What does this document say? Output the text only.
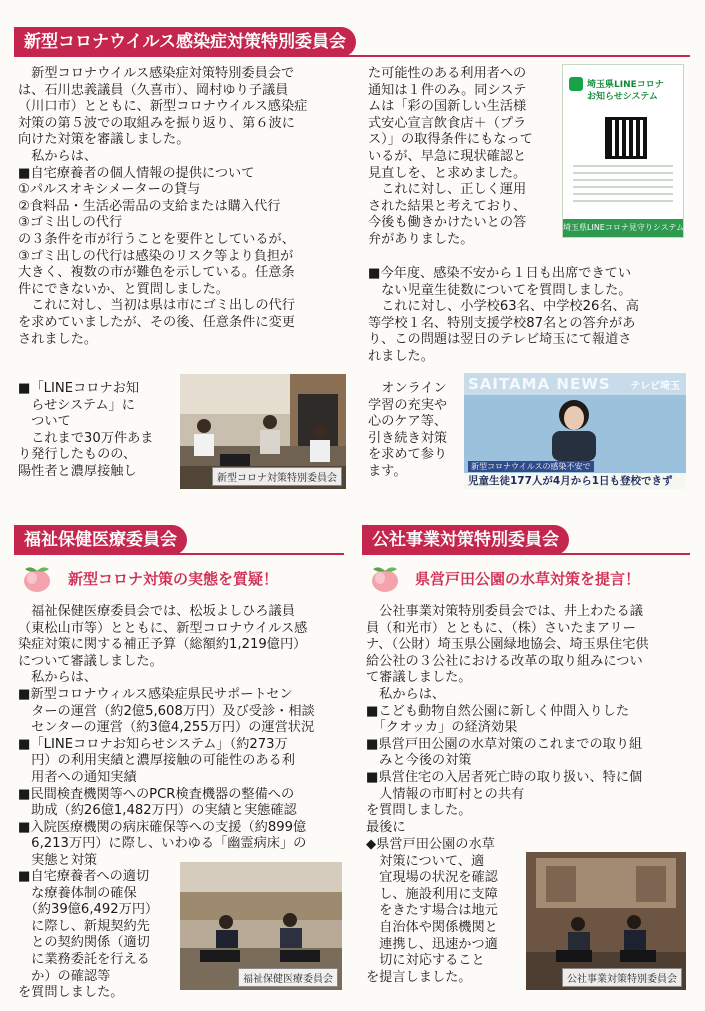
新型コロナウイルス感染症対策特別委員会

　新型コロナウイルス感染症対策特別委員会で

は、石川忠義議員（久喜市）、岡村ゆり子議員

（川口市）とともに、新型コロナウイルス感染症

対策の第５波での取組みを振り返り、第６波に

向けた対策を審議しました。

　私からは、

■自宅療養者の個人情報の提供について

①パルスオキシメーターの貸与

②食料品・生活必需品の支給または購入代行

③ゴミ出しの代行

の３条件を市が行うことを要件としているが、

③ゴミ出しの代行は感染のリスク等より負担が

大きく、複数の市が難色を示している。任意条

件にできないか、と質問しました。

　これに対し、当初は県は市にゴミ出しの代行

を求めていましたが、その後、任意条件に変更

されました。

■「LINEコロナお知

　らせシステム」に

　ついて

　これまで30万件あま

り発行したものの、

陽性者と濃厚接触し	新型コロナ対策特別委員会
埼玉県LINEコロナ
お知らせシステム
埼玉県LINEコロナ見守りシステム

た可能性のある利用者への

通知は１件のみ。同システ

ムは「彩の国新しい生活様

式安心宣言飲食店＋（プラ

ス）」の取得条件にもなって

いるが、早急に現状確認と

見直しを、と求めました。

　これに対し、正しく運用

された結果と考えており、

今後も働きかけたいとの答

弁がありました。

■今年度、感染不安から１日も出席できてい

　ない児童生徒数についてを質問しました。

　これに対し、小学校63名、中学校26名、高

等学校１名、特別支援学校87名との答弁があ

り、この問題は翌日のテレビ埼玉にて報道さ

れました。

　オンライン

学習の充実や

心のケア等、

引き続き対策

を求めて参り

ます。

SAITAMA NEWS テレビ埼玉
新型コロナウイルスの感染不安で
児童生徒177人が4月から1日も登校できず
福祉保健医療委員会
新型コロナ対策の実態を質疑！

　福祉保健医療委員会では、松坂よしひろ議員

（東松山市等）とともに、新型コロナウイルス感

染症対策に関する補正予算（総額約1,219億円）

について審議しました。

　私からは、

■新型コロナウィルス感染症県民サポートセン

　ターの運営（約2億5,608万円）及び受診・相談

　センターの運営（約3億4,255万円）の運営状況

■「LINEコロナお知らせシステム」（約273万

　円）の利用実績と濃厚接触の可能性のある利

　用者への通知実績

■民間検査機関等へのPCR検査機器の整備への

　助成（約26億1,482万円）の実績と実態確認

■入院医療機関の病床確保等への支援（約899億

　6,213万円）に際し、いわゆる「幽霊病床」の

　実態と対策

■自宅療養者への適切

　な療養体制の確保

　（約39億6,492万円）

　に際し、新規契約先

　との契約関係（適切

　に業務委託を行える

　か）の確認等

を質問しました。

福祉保健医療委員会
公社事業対策特別委員会
県営戸田公園の水草対策を提言！

　公社事業対策特別委員会では、井上わたる議

員（和光市）とともに、（株）さいたまアリー

ナ、（公財）埼玉県公園緑地協会、埼玉県住宅供

給公社の３公社における改革の取り組みについ

て審議しました。

　私からは、

■こども動物自然公園に新しく仲間入りした

　「クオッカ」の経済効果

■県営戸田公園の水草対策のこれまでの取り組

　みと今後の対策

■県営住宅の入居者死亡時の取り扱い、特に個

　人情報の市町村との共有

を質問しました。

最後に

◆県営戸田公園の水草

　対策について、適

　宜現場の状況を確認

　し、施設利用に支障

　をきたす場合は地元

　自治体や関係機関と

　連携し、迅速かつ適

　切に対応すること

を提言しました。	公社事業対策特別委員会
